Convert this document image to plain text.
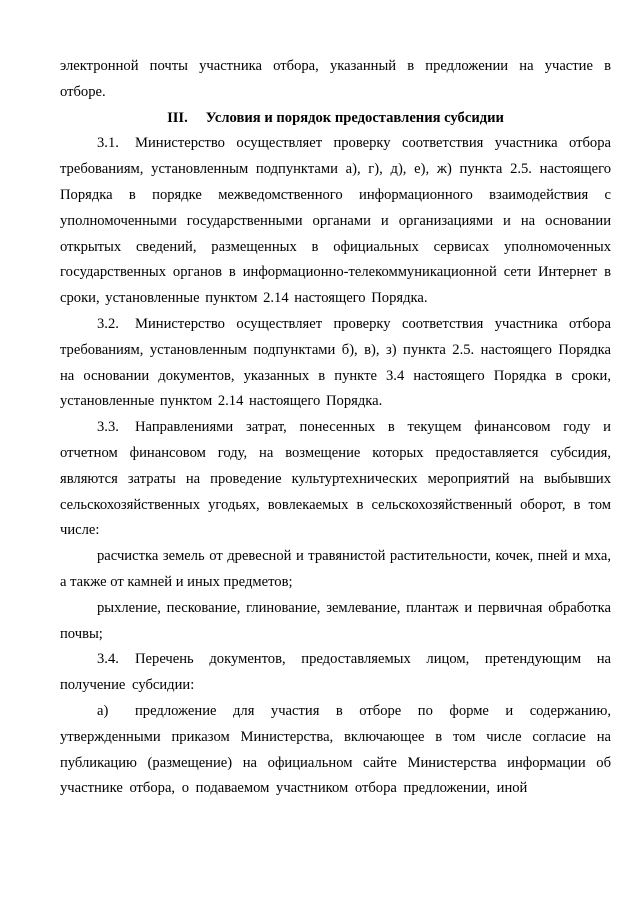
электронной почты участника отбора, указанный в предложении на участие в отборе.

III. Условия и порядок предоставления субсидии

3.1. Министерство осуществляет проверку соответствия участника отбора требованиям, установленным подпунктами а), г), д), е), ж) пункта 2.5. настоящего Порядка в порядке межведомственного информационного взаимодействия с уполномоченными государственными органами и организациями и на основании открытых сведений, размещенных в официальных сервисах уполномоченных государственных органов в информационно-телекоммуникационной сети Интернет в сроки, установленные пунктом 2.14 настоящего Порядка.

3.2. Министерство осуществляет проверку соответствия участника отбора требованиям, установленным подпунктами б), в), з) пункта 2.5. настоящего Порядка на основании документов, указанных в пункте 3.4 настоящего Порядка в сроки, установленные пунктом 2.14 настоящего Порядка.

3.3. Направлениями затрат, понесенных в текущем финансовом году и отчетном финансовом году, на возмещение которых предоставляется субсидия, являются затраты на проведение культуртехнических мероприятий на выбывших сельскохозяйственных угодьях, вовлекаемых в сельскохозяйственный оборот, в том числе:

расчистка земель от древесной и травянистой растительности, кочек, пней и мха, а также от камней и иных предметов;

рыхление, пескование, глинование, землевание, плантаж и первичная обработка почвы;

3.4. Перечень документов, предоставляемых лицом, претендующим на получение субсидии:

а) предложение для участия в отборе по форме и содержанию, утвержденными приказом Министерства, включающее в том числе согласие на публикацию (размещение) на официальном сайте Министерства информации об участнике отбора, о подаваемом участником отбора предложении, иной
